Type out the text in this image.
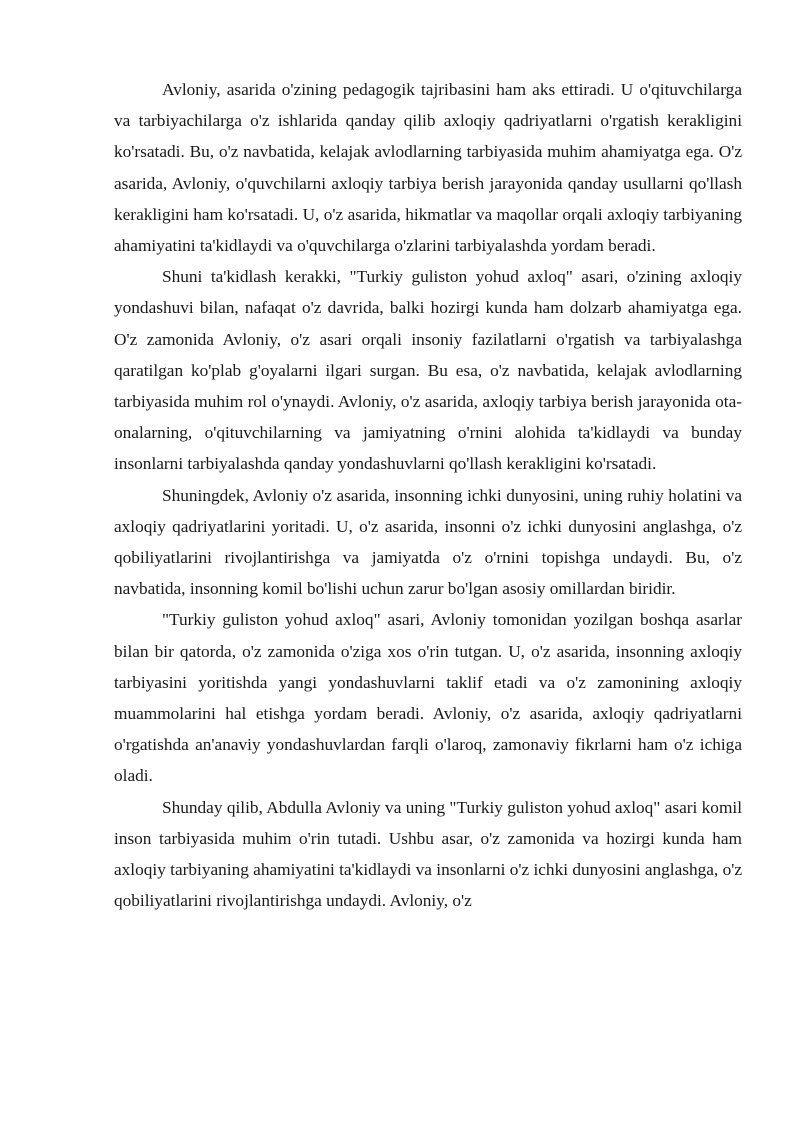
Avloniy, asarida o'zining pedagogik tajribasini ham aks ettiradi. U o'qituvchilarga va tarbiyachilarga o'z ishlarida qanday qilib axloqiy qadriyatlarni o'rgatish kerakligini ko'rsatadi. Bu, o'z navbatida, kelajak avlodlarning tarbiyasida muhim ahamiyatga ega. O'z asarida, Avloniy, o'quvchilarni axloqiy tarbiya berish jarayonida qanday usullarni qo'llash kerakligini ham ko'rsatadi. U, o'z asarida, hikmatlar va maqollar orqali axloqiy tarbiyaning ahamiyatini ta'kidlaydi va o'quvchilarga o'zlarini tarbiyalashda yordam beradi.

Shuni ta'kidlash kerakki, "Turkiy guliston yohud axloq" asari, o'zining axloqiy yondashuvi bilan, nafaqat o'z davrida, balki hozirgi kunda ham dolzarb ahamiyatga ega. O'z zamonida Avloniy, o'z asari orqali insoniy fazilatlarni o'rgatish va tarbiyalashga qaratilgan ko'plab g'oyalarni ilgari surgan. Bu esa, o'z navbatida, kelajak avlodlarning tarbiyasida muhim rol o'ynaydi. Avloniy, o'z asarida, axloqiy tarbiya berish jarayonida ota-onalarning, o'qituvchilarning va jamiyatning o'rnini alohida ta'kidlaydi va bunday insonlarni tarbiyalashda qanday yondashuvlarni qo'llash kerakligini ko'rsatadi.

Shuningdek, Avloniy o'z asarida, insonning ichki dunyosini, uning ruhiy holatini va axloqiy qadriyatlarini yoritadi. U, o'z asarida, insonni o'z ichki dunyosini anglashga, o'z qobiliyatlarini rivojlantirishga va jamiyatda o'z o'rnini topishga undaydi. Bu, o'z navbatida, insonning komil bo'lishi uchun zarur bo'lgan asosiy omillardan biridir.

"Turkiy guliston yohud axloq" asari, Avloniy tomonidan yozilgan boshqa asarlar bilan bir qatorda, o'z zamonida o'ziga xos o'rin tutgan. U, o'z asarida, insonning axloqiy tarbiyasini yoritishda yangi yondashuvlarni taklif etadi va o'z zamonining axloqiy muammolarini hal etishga yordam beradi. Avloniy, o'z asarida, axloqiy qadriyatlarni o'rgatishda an'anaviy yondashuvlardan farqli o'laroq, zamonaviy fikrlarni ham o'z ichiga oladi.

Shunday qilib, Abdulla Avloniy va uning "Turkiy guliston yohud axloq" asari komil inson tarbiyasida muhim o'rin tutadi. Ushbu asar, o'z zamonida va hozirgi kunda ham axloqiy tarbiyaning ahamiyatini ta'kidlaydi va insonlarni o'z ichki dunyosini anglashga, o'z qobiliyatlarini rivojlantirishga undaydi. Avloniy, o'z
